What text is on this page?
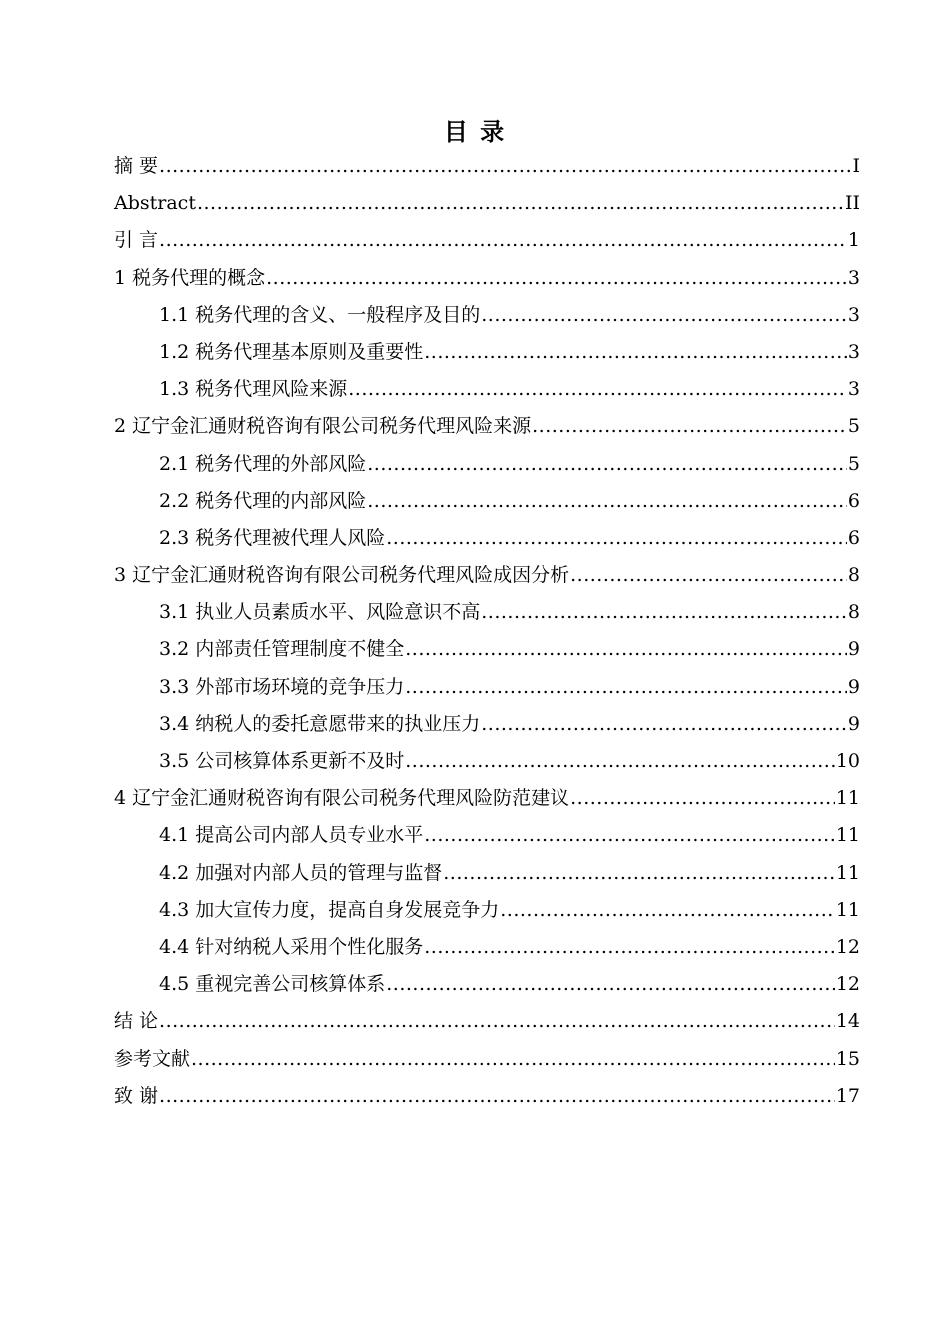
目 录
摘 要 .....	I
Abstract .....	II
引 言 .....	1
1 税务代理的概念 .....	3
1.1 税务代理的含义、一般程序及目的 .....	3
1.2 税务代理基本原则及重要性 .....	3
1.3 税务代理风险来源 .....	3
2 辽宁金汇通财税咨询有限公司税务代理风险来源 .....	5
2.1 税务代理的外部风险 .....	5
2.2 税务代理的内部风险 .....	6
2.3 税务代理被代理人风险 .....	6
3 辽宁金汇通财税咨询有限公司税务代理风险成因分析 .....	8
3.1 执业人员素质水平、风险意识不高 .....	8
3.2 内部责任管理制度不健全 .....	9
3.3 外部市场环境的竞争压力 .....	9
3.4 纳税人的委托意愿带来的执业压力 .....	9
3.5 公司核算体系更新不及时 .....	10
4 辽宁金汇通财税咨询有限公司税务代理风险防范建议 .....	11
4.1 提高公司内部人员专业水平 .....	11
4.2 加强对内部人员的管理与监督 .....	11
4.3 加大宣传力度，提高自身发展竞争力 .....	11
4.4 针对纳税人采用个性化服务 .....	12
4.5 重视完善公司核算体系 .....	12
结 论 .....	14
参考文献 .....	15
致 谢 .....	17
